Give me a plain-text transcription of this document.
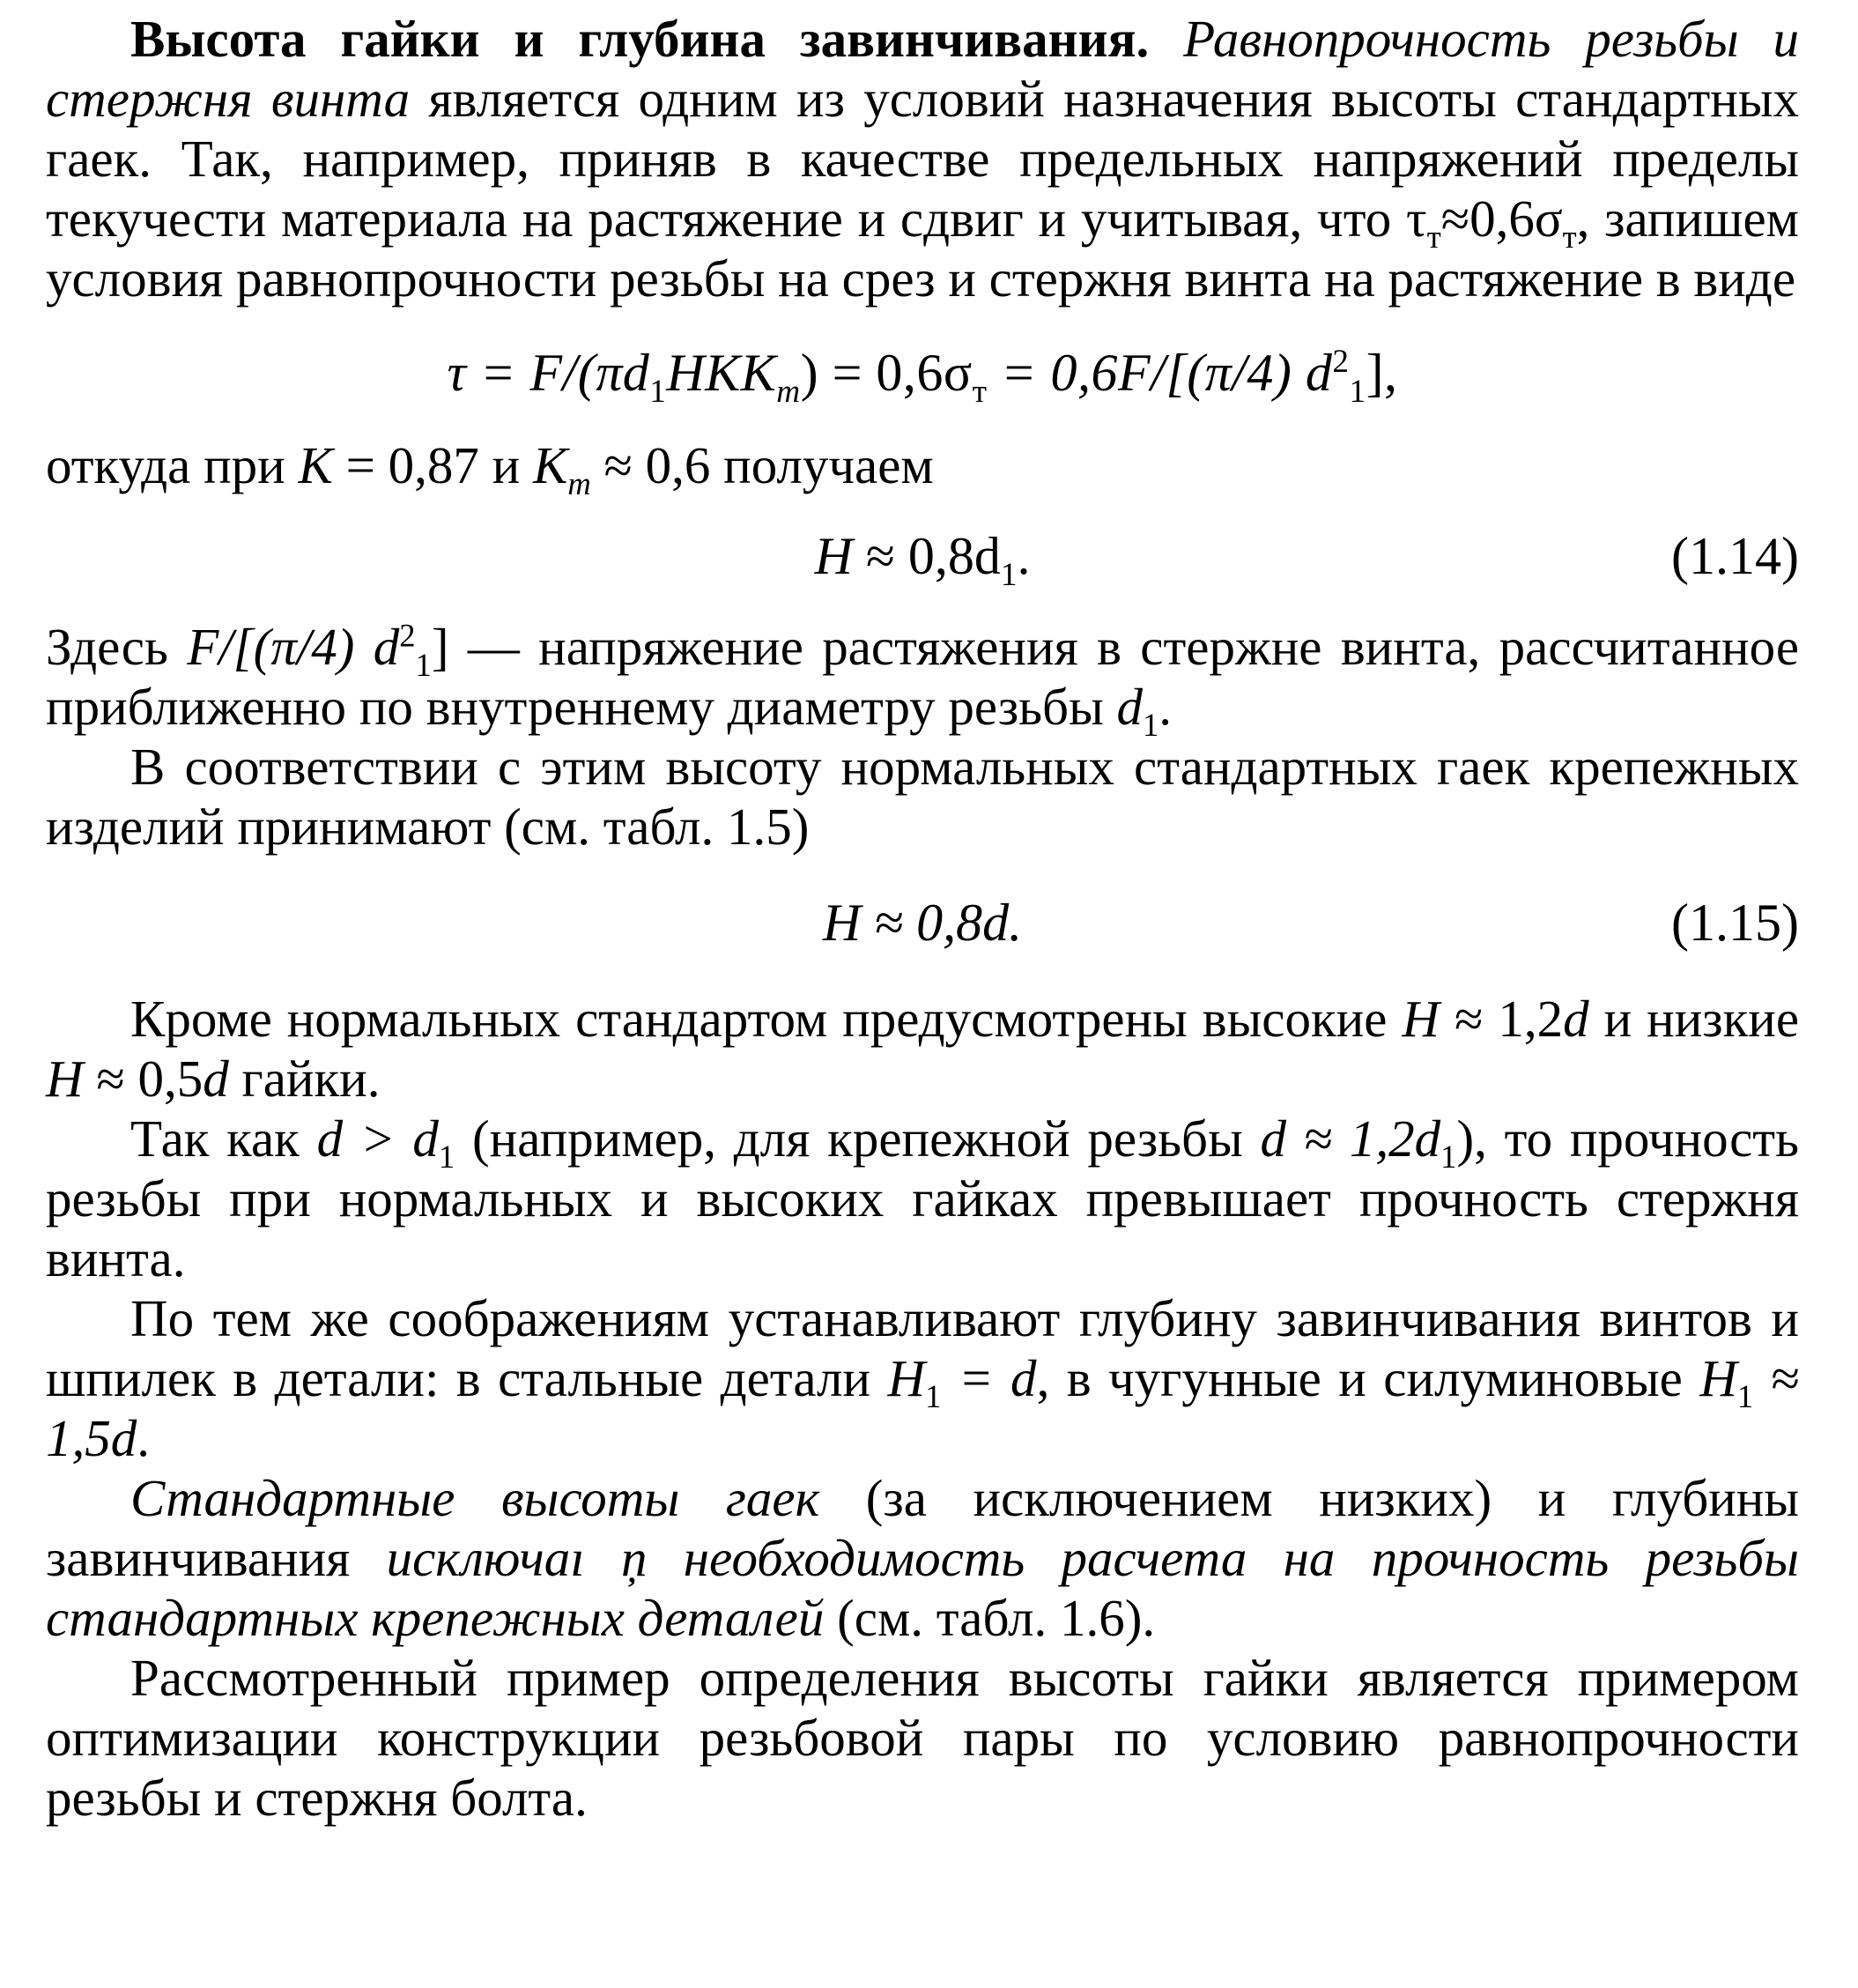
Высота гайки и глубина завинчивания. Равнопрочность резьбы и стержня винта является одним из условий назначения высоты стандартных гаек. Так, например, приняв в качестве предельных напряжений пределы текучести материала на растяжение и сдвиг и учитывая, что $\tau_т\approx 0,6\sigma_т$, запишем условия равнопрочности резьбы на срез и стержня винта на растяжение в виде

$\tau = F/(\pi d_1HKK_m) = 0,6\sigma_т = 0,6F/[(\pi/4)$ $d^2_1$],

откуда при K = 0,87 и $K_m \approx 0,6$ получаем

$H \approx 0,8d_1$.	(1.14)

Здесь F/[(π/4) $d^2_1$] — напряжение растяжения в стержне винта, рассчитанное приближенно по внутреннему диаметру резьбы $d_1$.

В соответствии с этим высоту нормальных стандартных гаек крепежных изделий принимают (см. табл. 1.5)

H ≈ 0,8d.	(1.15)

Кроме нормальных стандартом предусмотрены высокие H ≈ 1,2d и низкие H ≈ 0,5d гайки.

Так как $d > d_1$ (например, для крепежной резьбы $d \approx 1,2d_1$), то прочность резьбы при нормальных и высоких гайках превышает прочность стержня винта.

По тем же соображениям устанавливают глубину завинчивания винтов и шпилек в детали: в стальные детали $H_1 = d$, в чугунные и силуминовые $H_1 \approx 1,5d$.

Стандартные высоты гаек (за исключением низких) и глубины завинчивания исключаı ņ необходимость расчета на прочность резьбы стандартных крепежных деталей (см. табл. 1.6).

Рассмотренный пример определения высоты гайки является примером оптимизации конструкции резьбовой пары по условию равнопрочности резьбы и стержня болта.
